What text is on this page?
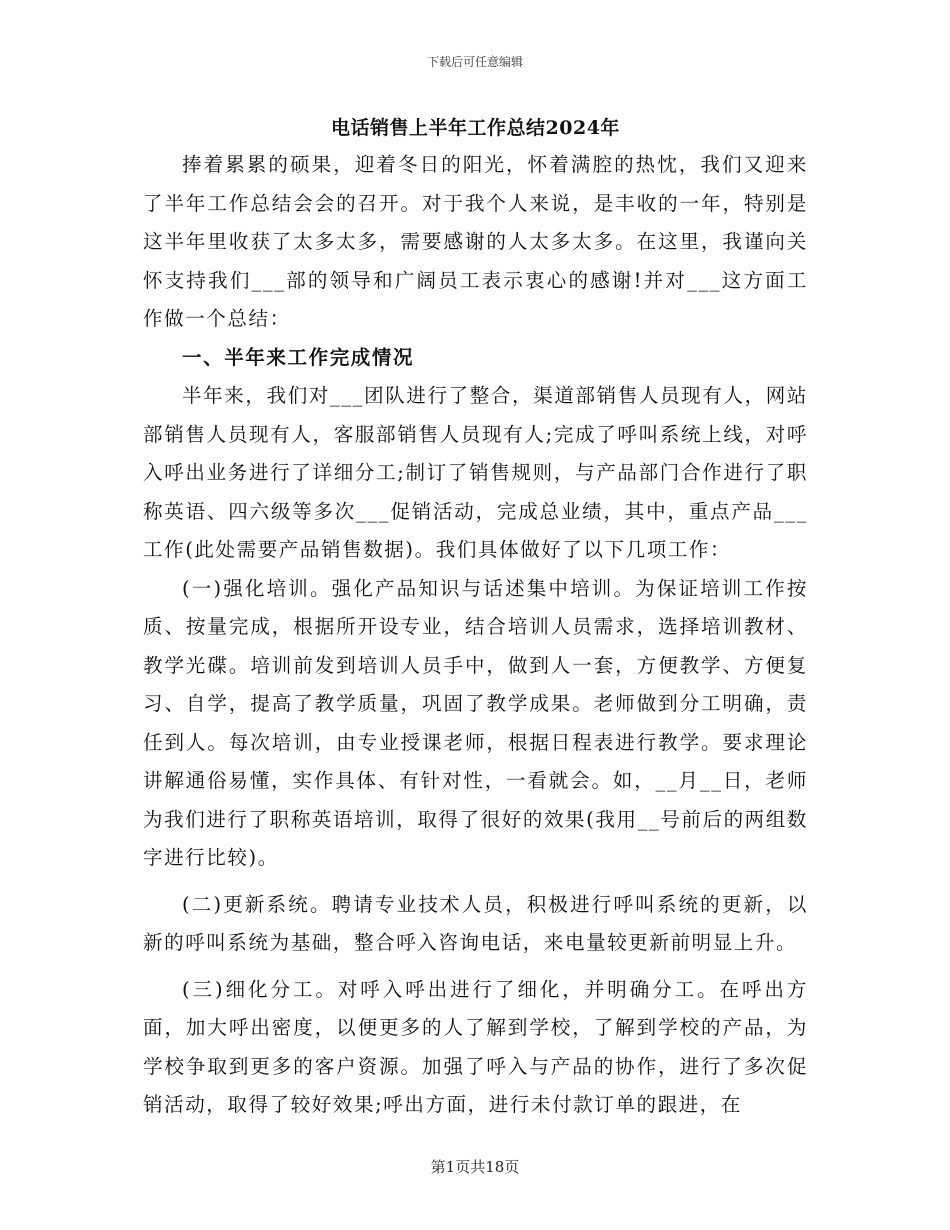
下载后可任意编辑
电话销售上半年工作总结2024年

捧着累累的硕果，迎着冬日的阳光，怀着满腔的热忱，我们又迎来了半年工作总结会会的召开。对于我个人来说，是丰收的一年，特别是这半年里收获了太多太多，需要感谢的人太多太多。在这里，我谨向关怀支持我们___部的领导和广阔员工表示衷心的感谢!并对___这方面工作做一个总结：

一、半年来工作完成情况

半年来，我们对___团队进行了整合，渠道部销售人员现有人，网站部销售人员现有人，客服部销售人员现有人;完成了呼叫系统上线，对呼入呼出业务进行了详细分工;制订了销售规则，与产品部门合作进行了职称英语、四六级等多次___促销活动，完成总业绩，其中，重点产品___工作(此处需要产品销售数据)。我们具体做好了以下几项工作：

(一)强化培训。强化产品知识与话述集中培训。为保证培训工作按质、按量完成，根据所开设专业，结合培训人员需求，选择培训教材、教学光碟。培训前发到培训人员手中，做到人一套，方便教学、方便复习、自学，提高了教学质量，巩固了教学成果。老师做到分工明确，责任到人。每次培训，由专业授课老师，根据日程表进行教学。要求理论讲解通俗易懂，实作具体、有针对性，一看就会。如，__月__日，老师为我们进行了职称英语培训，取得了很好的效果(我用__号前后的两组数字进行比较)。

(二)更新系统。聘请专业技术人员，积极进行呼叫系统的更新，以新的呼叫系统为基础，整合呼入咨询电话，来电量较更新前明显上升。

(三)细化分工。对呼入呼出进行了细化，并明确分工。在呼出方面，加大呼出密度，以便更多的人了解到学校，了解到学校的产品，为学校争取到更多的客户资源。加强了呼入与产品的协作，进行了多次促销活动，取得了较好效果;呼出方面，进行未付款订单的跟进，在

第1页共18页
